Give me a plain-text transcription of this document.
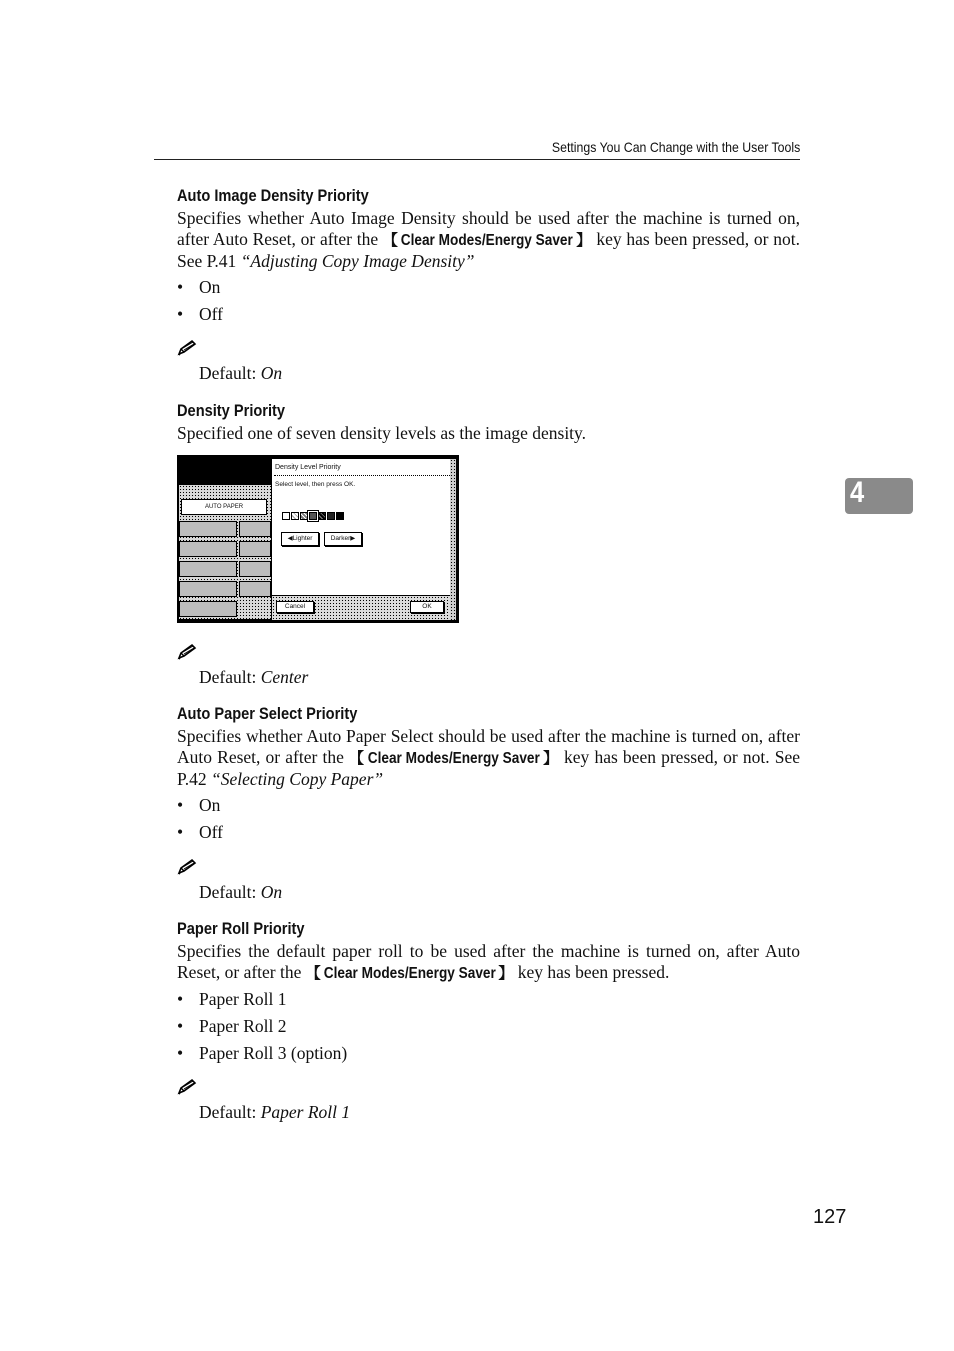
Settings You Can Change with the User Tools
Auto Image Density Priority
Specifies whether Auto Image Density should be used after the machine is turned on, after Auto Reset, or after the 【 Clear Modes/Energy Saver 】 key has been pressed, or not. See P.41 “Adjusting Copy Image Density”
• On
• Off
Default: On
Density Priority
Specified one of seven density levels as the image density.
AUTO PAPER
Density Level Priority
Select level, then press OK.
◀Lighter	Darker▶
Cancel	OK
Default: Center
Auto Paper Select Priority
Specifies whether Auto Paper Select should be used after the machine is turned on, after Auto Reset, or after the 【 Clear Modes/Energy Saver 】 key has been pressed, or not. See P.42 “Selecting Copy Paper”
• On
• Off
Default: On
Paper Roll Priority
Specifies the default paper roll to be used after the machine is turned on, after Auto Reset, or after the 【 Clear Modes/Energy Saver 】 key has been pressed.
• Paper Roll 1
• Paper Roll 2
• Paper Roll 3 (option)
Default: Paper Roll 1
4
127
